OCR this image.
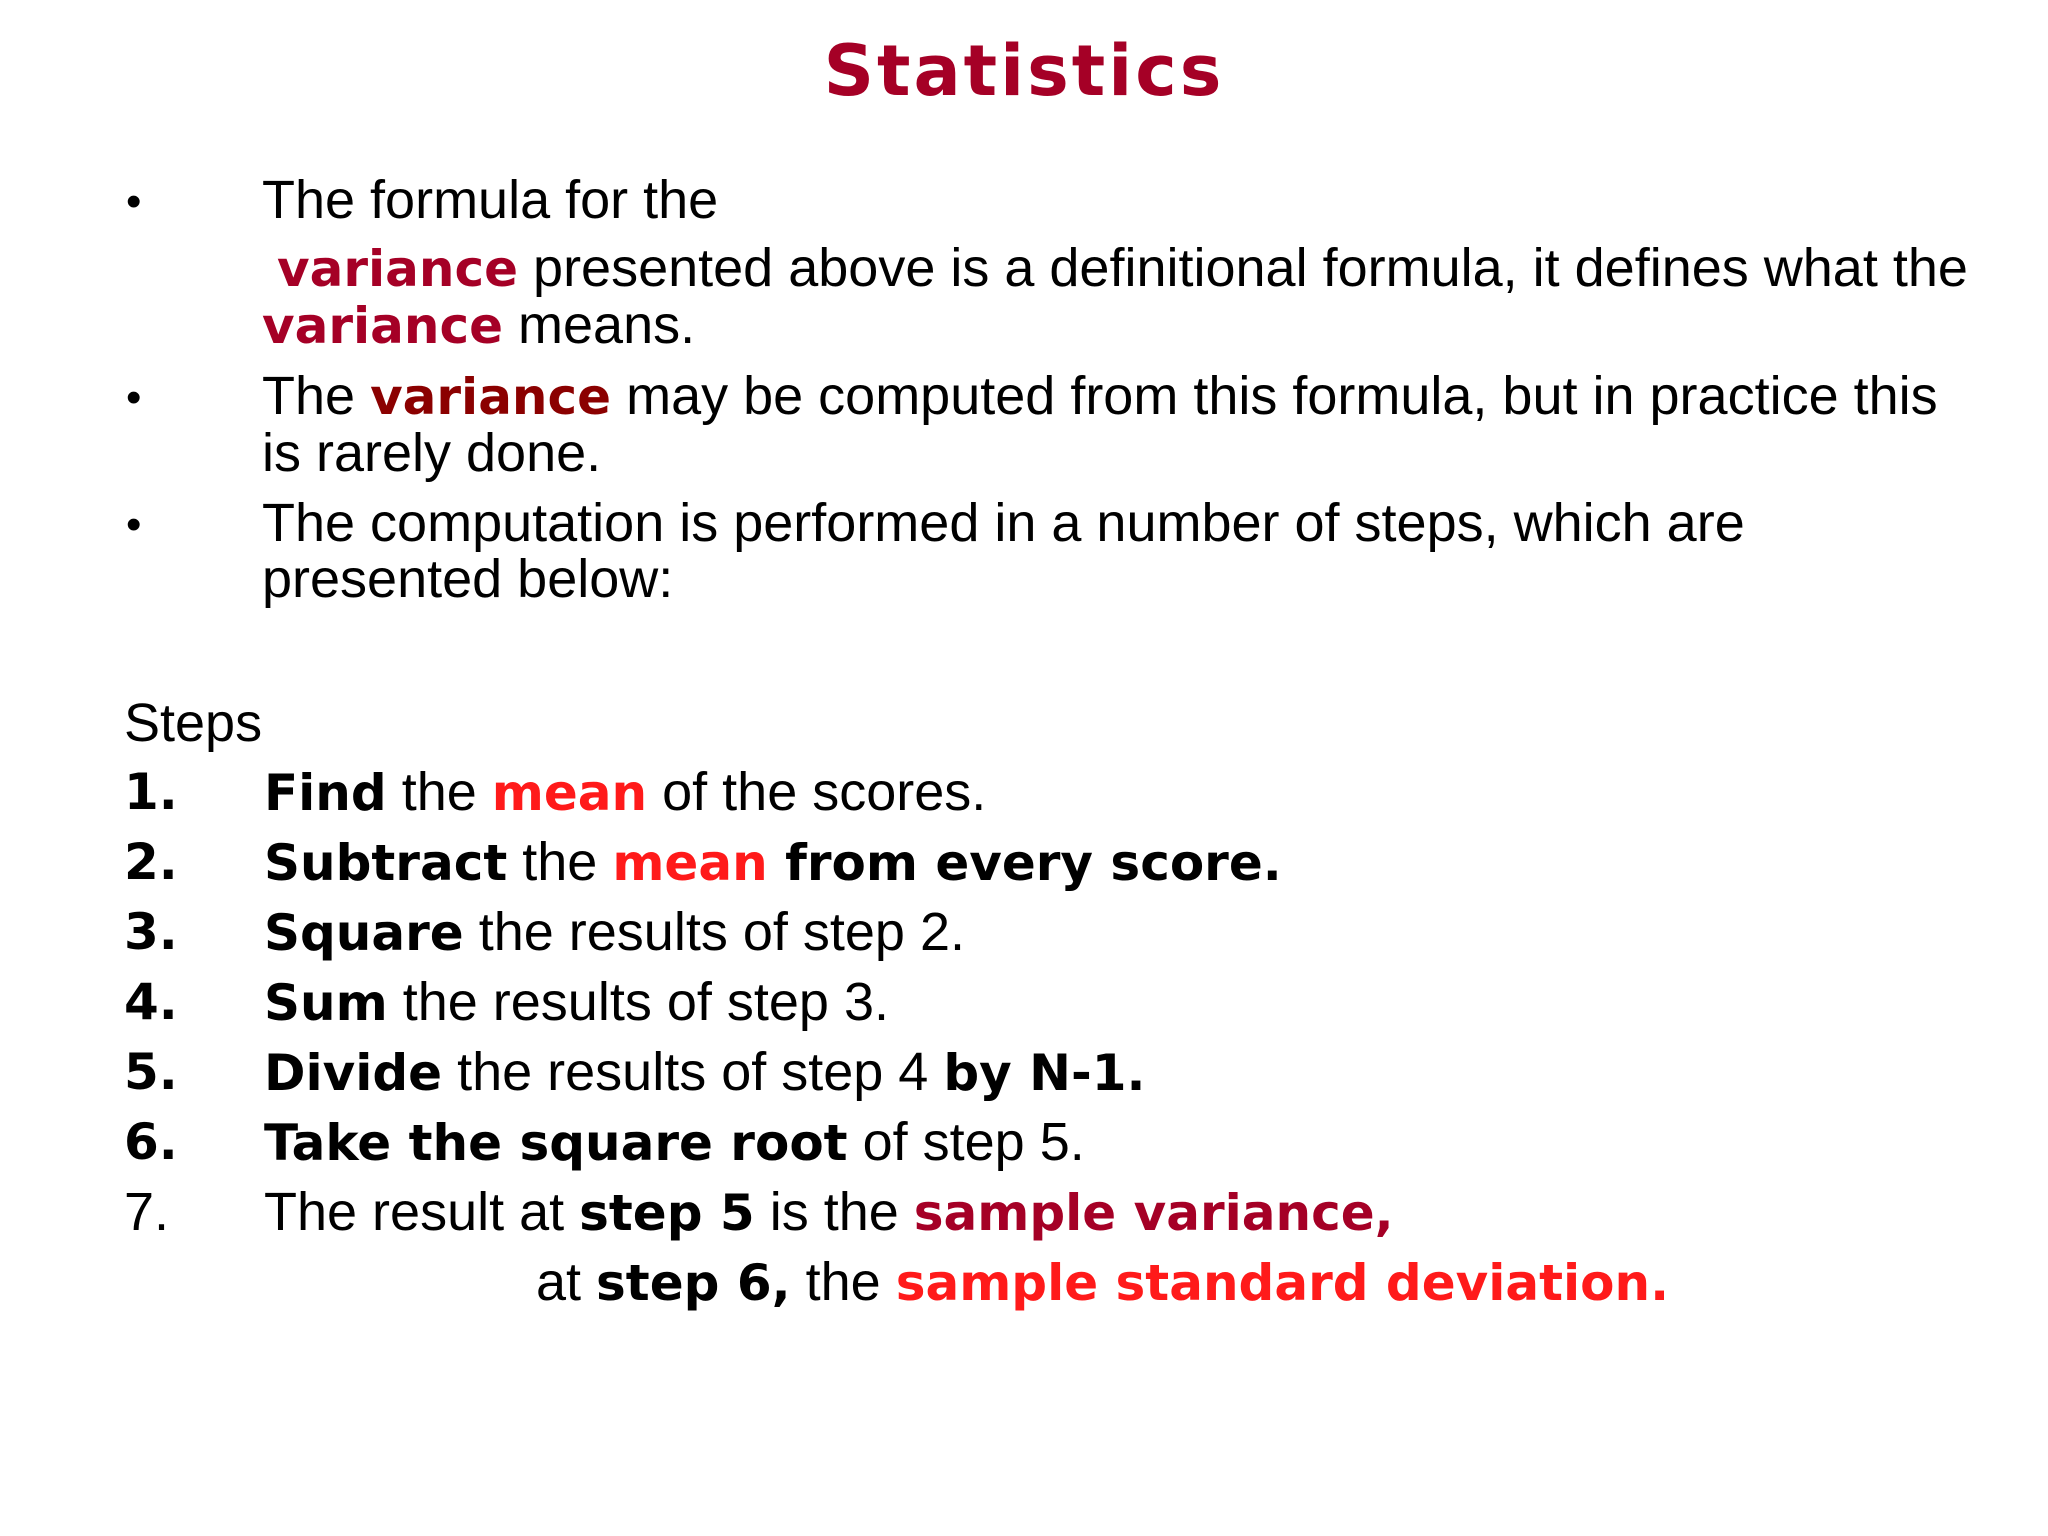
Statistics
• The formula for the
variance presented above is a definitional formula, it defines what the variance means.
• The variance may be computed from this formula, but in practice this is rarely done.
• The computation is performed in a number of steps, which are presented below:
Steps
1. Find the mean of the scores.
2. Subtract the mean from every score.
3. Square the results of step 2.
4. Sum the results of step 3.
5. Divide the results of step 4 by N-1.
6. Take the square root of step 5.
7. The result at step 5 is the sample variance,
at step 6, the sample standard deviation.
